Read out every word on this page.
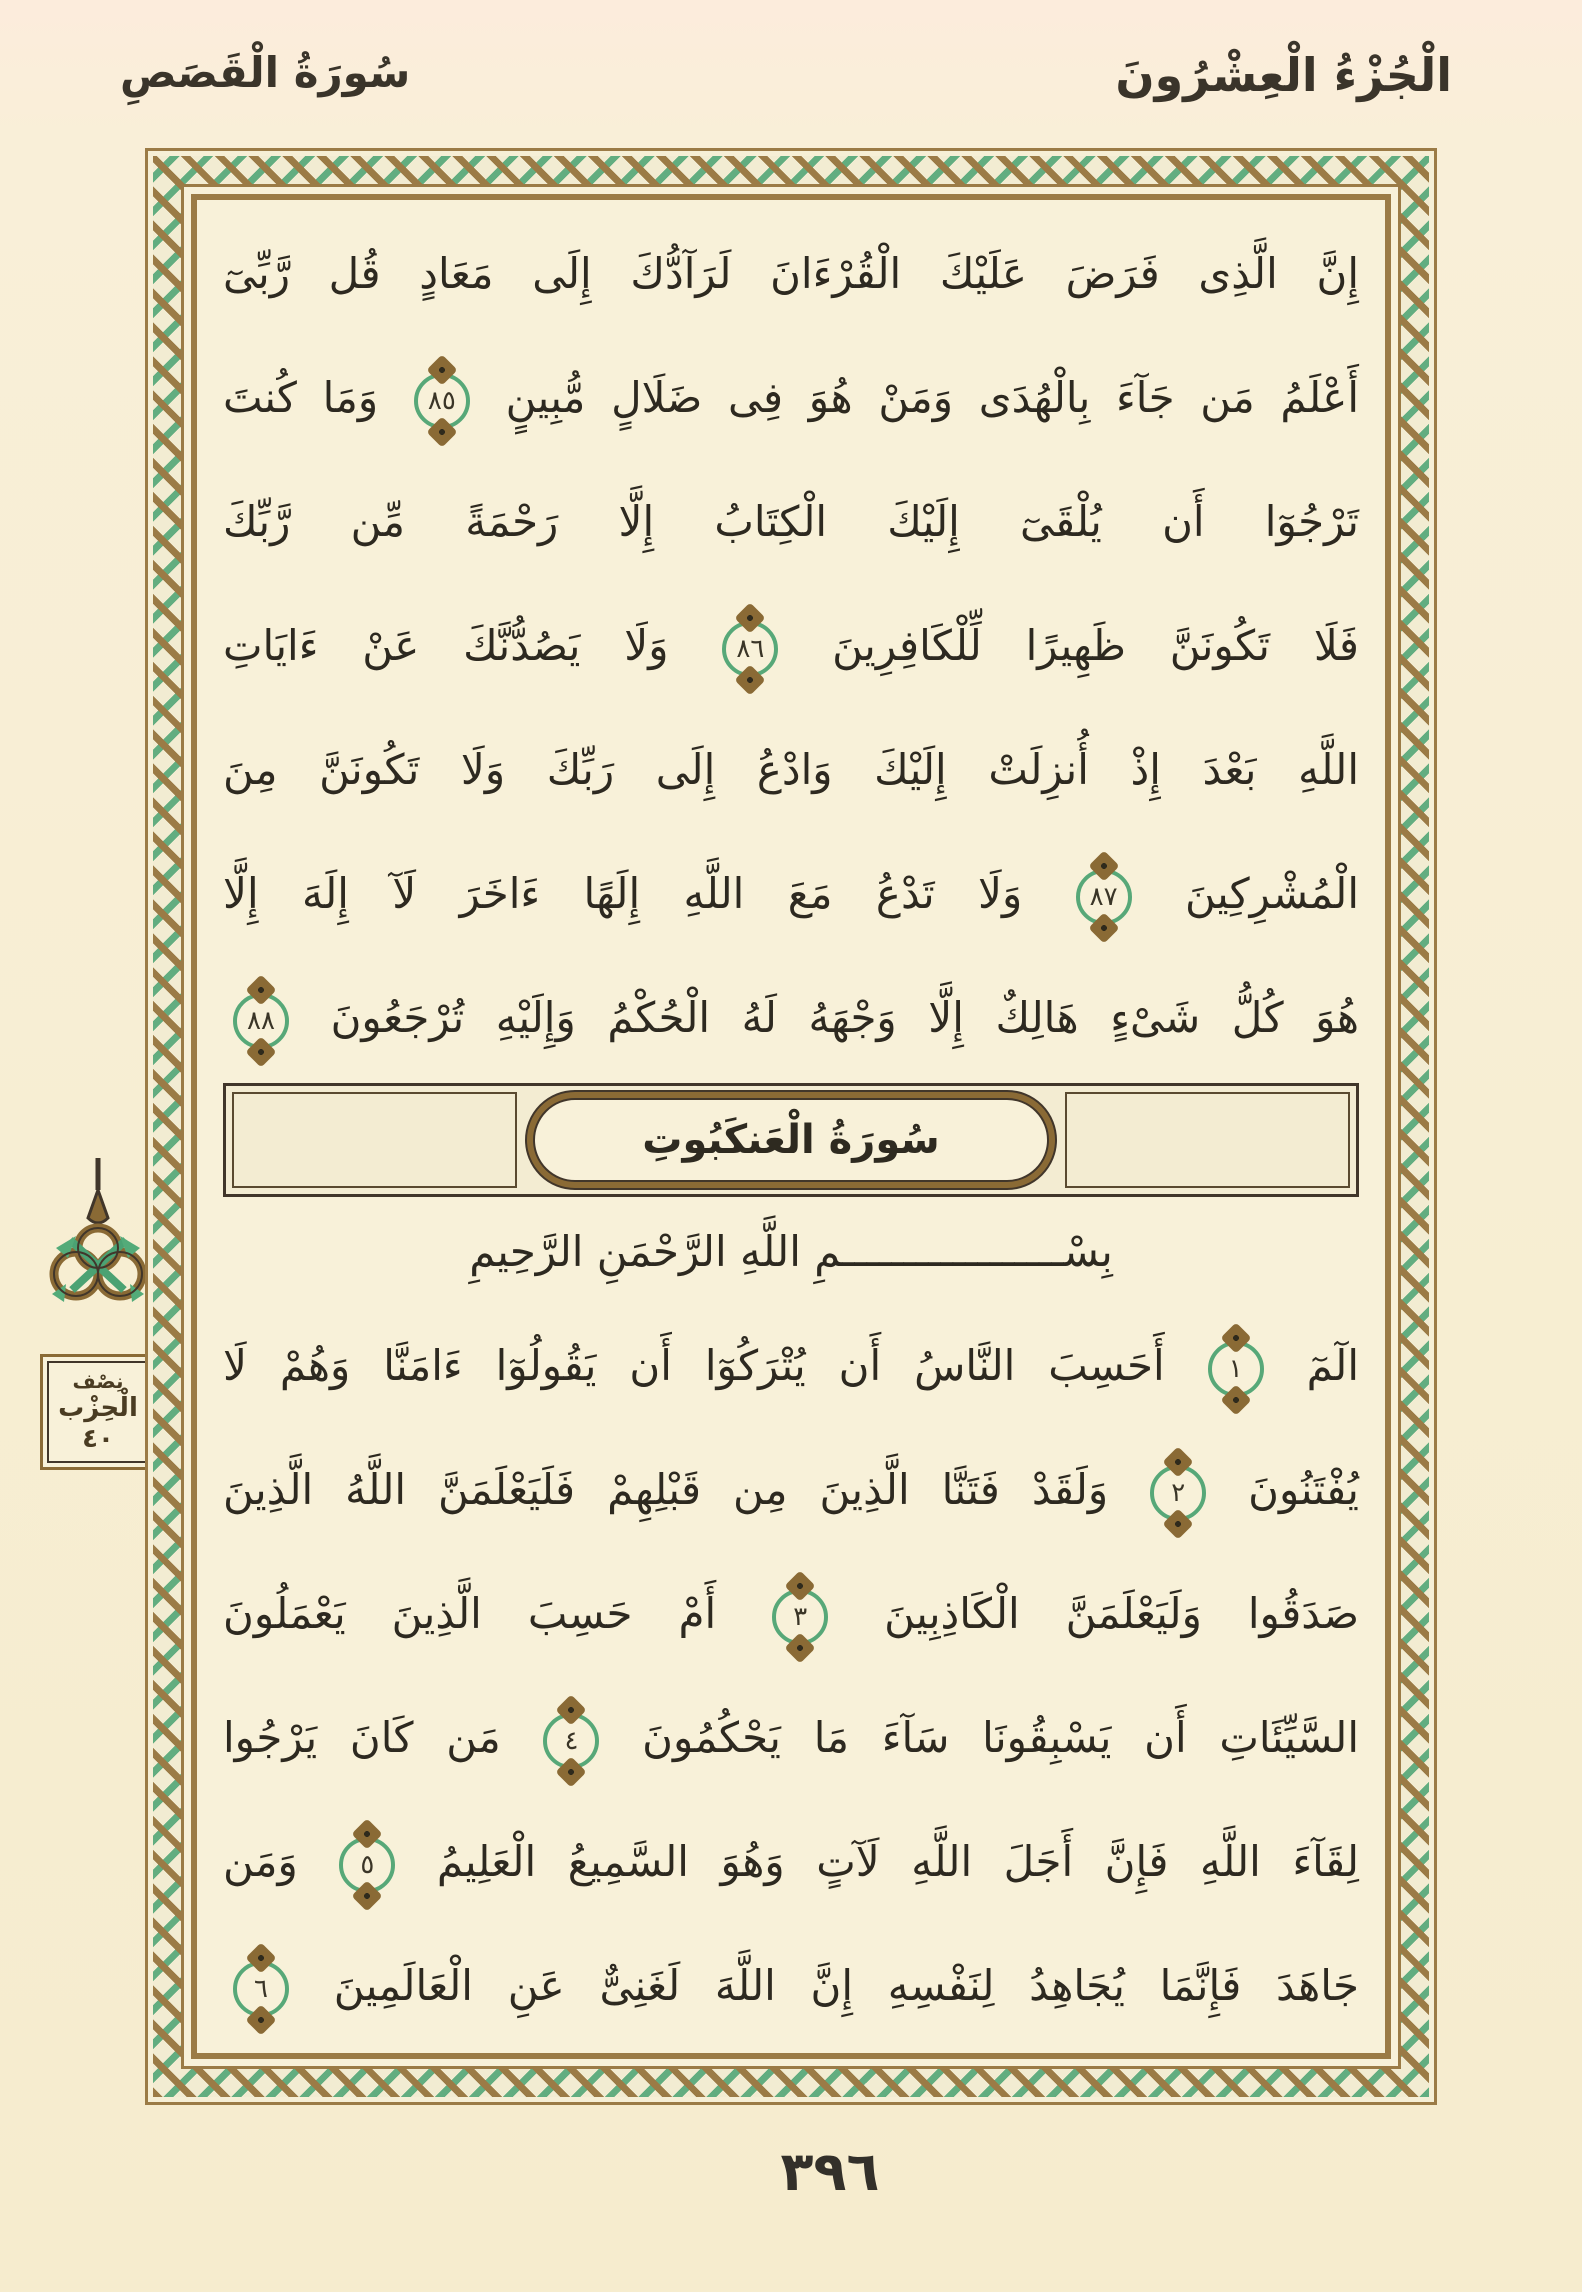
سُورَةُ الْقَصَصِ	الْجُزْءُ الْعِشْرُونَ
نِصْف
الْحِزْب
٤٠
إِنَّ الَّذِى فَرَضَ عَلَيْكَ الْقُرْءَانَ لَرَآدُّكَ إِلَى مَعَادٍ قُل رَّبِّىٓ
أَعْلَمُ مَن جَآءَ بِالْهُدَى وَمَنْ هُوَ فِى ضَلَالٍ مُّبِينٍ ٨٥ وَمَا كُنتَ
تَرْجُوٓا أَن يُلْقَىٓ إِلَيْكَ الْكِتَابُ إِلَّا رَحْمَةً مِّن رَّبِّكَ
فَلَا تَكُونَنَّ ظَهِيرًا لِّلْكَافِرِينَ ٨٦ وَلَا يَصُدُّنَّكَ عَنْ ءَايَاتِ
اللَّهِ بَعْدَ إِذْ أُنزِلَتْ إِلَيْكَ وَادْعُ إِلَى رَبِّكَ وَلَا تَكُونَنَّ مِنَ
الْمُشْرِكِينَ ٨٧ وَلَا تَدْعُ مَعَ اللَّهِ إِلَهًا ءَاخَرَ لَآ إِلَهَ إِلَّا
هُوَ كُلُّ شَىْءٍ هَالِكٌ إِلَّا وَجْهَهُ لَهُ الْحُكْمُ وَإِلَيْهِ تُرْجَعُونَ ٨٨
سُورَةُ الْعَنكَبُوتِ
بِسْــــــــــــــــــمِ اللَّهِ الرَّحْمَنِ الرَّحِيمِ
الٓمٓ ١ أَحَسِبَ النَّاسُ أَن يُتْرَكُوٓا أَن يَقُولُوٓا ءَامَنَّا وَهُمْ لَا
يُفْتَنُونَ ٢ وَلَقَدْ فَتَنَّا الَّذِينَ مِن قَبْلِهِمْ فَلَيَعْلَمَنَّ اللَّهُ الَّذِينَ
صَدَقُوا وَلَيَعْلَمَنَّ الْكَاذِبِينَ ٣ أَمْ حَسِبَ الَّذِينَ يَعْمَلُونَ
السَّيِّئَاتِ أَن يَسْبِقُونَا سَآءَ مَا يَحْكُمُونَ ٤ مَن كَانَ يَرْجُوا
لِقَآءَ اللَّهِ فَإِنَّ أَجَلَ اللَّهِ لَآتٍ وَهُوَ السَّمِيعُ الْعَلِيمُ ٥ وَمَن
جَاهَدَ فَإِنَّمَا يُجَاهِدُ لِنَفْسِهِ إِنَّ اللَّهَ لَغَنِىٌّ عَنِ الْعَالَمِينَ ٦
٣٩٦
